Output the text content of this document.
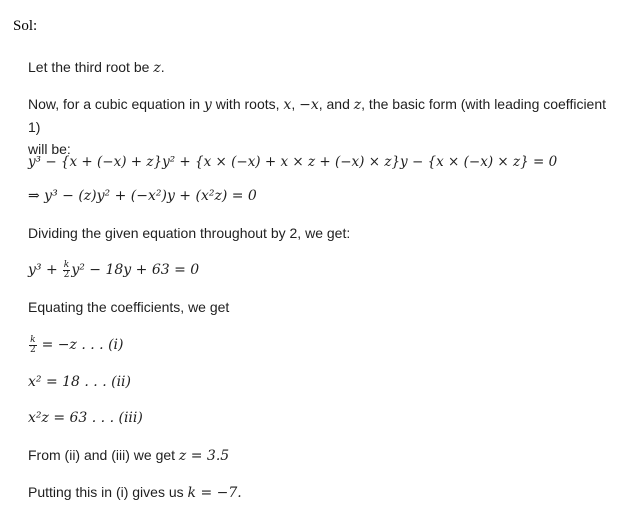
Sol:
Let the third root be z.
Now, for a cubic equation in y with roots, x, −x, and z, the basic form (with leading coefficient 1)
will be:
y³ − {x + (−x) + z}y² + {x × (−x) + x × z + (−x) × z}y − {x × (−x) × z} = 0
⇒ y³ − (z)y² + (−x²)y + (x²z) = 0
Dividing the given equation throughout by 2, we get:
$y^3 + \frac{k}{2} y^2 - 18y + 63 = 0$
Equating the coefficients, we get
$\frac{k}{2} = -z$ . . . (i)
x² = 18 . . . (ii)
x²z = 63 . . . (iii)
From (ii) and (iii) we get z = 3.5
Putting this in (i) gives us k = −7.
